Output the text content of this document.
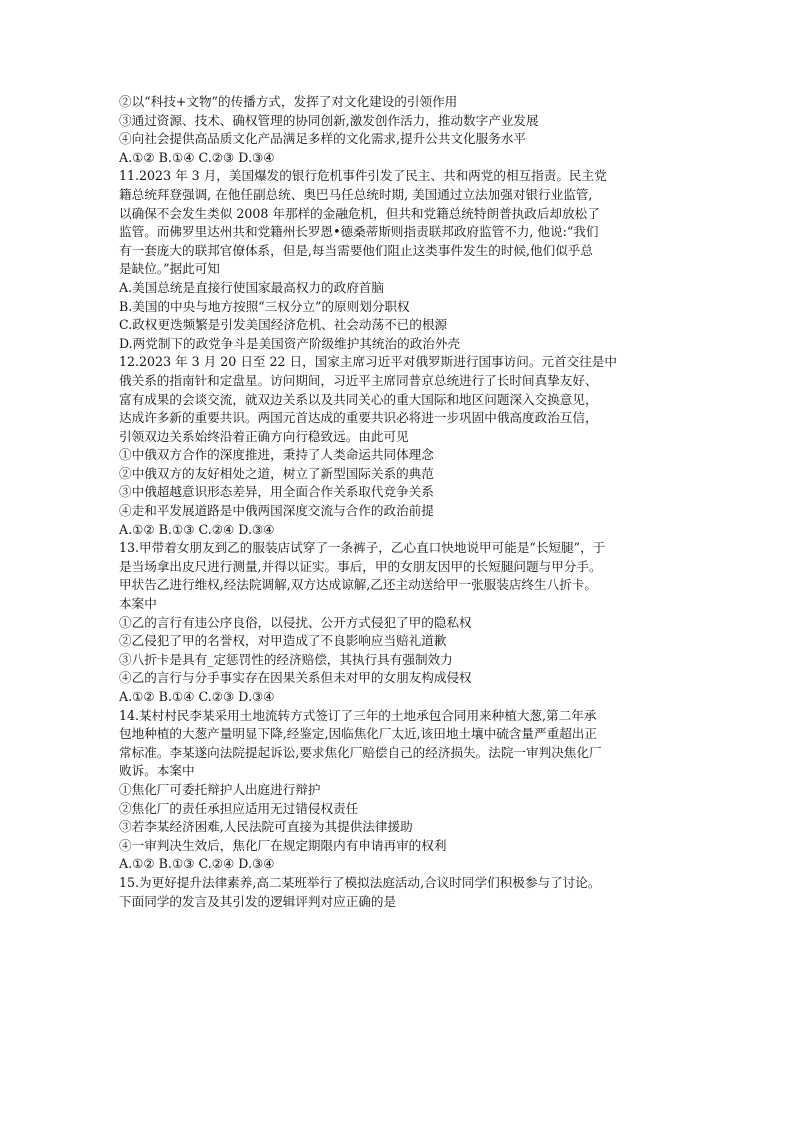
②以“科技+文物”的传播方式，发挥了对文化建设的引领作用
③通过资源、技术、确权管理的协同创新,激发创作活力，推动数字产业发展
④向社会提供高品质文化产品满足多样的文化需求,提升公共文化服务水平
A.①② B.①④ C.②③ D.③④
11.2023 年 3 月，美国爆发的银行危机事件引发了民主、共和两党的相互指责。民主党
籍总统拜登强调, 在他任副总统、奥巴马任总统时期, 美国通过立法加强对银行业监管,
以确保不会发生类似 2008 年那样的金融危机，但共和党籍总统特朗普执政后却放松了
监管。而佛罗里达州共和党籍州长罗恩•德桑蒂斯则指责联邦政府监管不力, 他说:“我们
有一套庞大的联邦官僚体系，但是,每当需要他们阻止这类事件发生的时候,他们似乎总
是缺位。”据此可知
A.美国总统是直接行使国家最高权力的政府首脑
B.美国的中央与地方按照“三权分立”的原则划分职权
C.政权更迭频繁是引发美国经济危机、社会动荡不已的根源
D.两党制下的政党争斗是美国资产阶级维护其统治的政治外壳
12.2023 年 3 月 20 日至 22 日，国家主席习近平对俄罗斯进行国事访问。元首交往是中
俄关系的指南针和定盘星。访问期间，习近平主席同普京总统进行了长时间真挚友好、
富有成果的会谈交流，就双边关系以及共同关心的重大国际和地区问题深入交换意见，
达成许多新的重要共识。两国元首达成的重要共识必将进一步巩固中俄高度政治互信，
引领双边关系始终沿着正确方向行稳致远。由此可见
①中俄双方合作的深度推进，秉持了人类命运共同体理念
②中俄双方的友好相处之道，树立了新型国际关系的典范
③中俄超越意识形态差异，用全面合作关系取代竞争关系
④走和平发展道路是中俄两国深度交流与合作的政治前提
A.①② B.①③ C.②④ D.③④
13.甲带着女朋友到乙的服装店试穿了一条裤子，乙心直口快地说甲可能是“长短腿”，于
是当场拿出皮尺进行测量,并得以证实。事后，甲的女朋友因甲的长短腿问题与甲分手。
甲状告乙进行维权,经法院调解,双方达成谅解,乙还主动送给甲一张服装店终生八折卡。
本案中
①乙的言行有违公序良俗，以侵扰、公开方式侵犯了甲的隐私权
②乙侵犯了甲的名誉权，对甲造成了不良影响应当赔礼道歉
③八折卡是具有_定惩罚性的经济赔偿，其执行具有强制效力
④乙的言行与分手事实存在因果关系但未对甲的女朋友构成侵权
A.①② B.①④ C.②③ D.③④
14.某村村民李某采用土地流转方式签订了三年的土地承包合同用来种植大葱,第二年承
包地种植的大葱产量明显下降,经鉴定,因临焦化厂太近,该田地土壤中硫含量严重超出正
常标准。李某遂向法院提起诉讼,要求焦化厂赔偿自己的经济损失。法院一审判决焦化厂
败诉。本案中
①焦化厂可委托辩护人出庭进行辩护
②焦化厂的责任承担应适用无过错侵权责任
③若李某经济困难,人民法院可直接为其提供法律援助
④一审判决生效后，焦化厂在规定期限内有申请再审的权利
A.①② B.①③ C.②④ D.③④
15.为更好提升法律素养,高二某班举行了模拟法庭活动,合议时同学们积极参与了讨论。
下面同学的发言及其引发的逻辑评判对应正确的是
